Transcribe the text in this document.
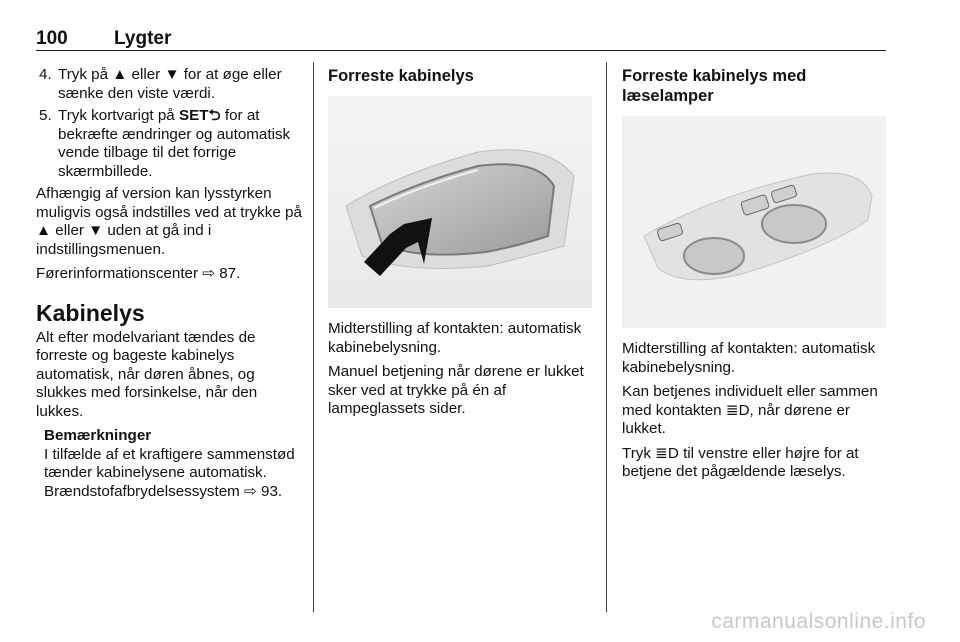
100 Lygter
4. Tryk på ▲ eller ▼ for at øge eller sænke den viste værdi.
5. Tryk kortvarigt på SET⮌ for at bekræfte ændringer og automatisk vende tilbage til det forrige skærmbillede.

Afhængig af version kan lysstyrken muligvis også indstilles ved at trykke på ▲ eller ▼ uden at gå ind i indstillingsmenuen.

Førerinformationscenter ⇨ 87.

Kabinelys

Alt efter modelvariant tændes de forreste og bageste kabinelys automatisk, når døren åbnes, og slukkes med forsinkelse, når den lukkes.

Bemærkninger
I tilfælde af et kraftigere sammenstød tænder kabinelysene automatisk. Brændstofafbrydelsessystem ⇨ 93.
Forreste kabinelys

Midterstilling af kontakten: automatisk kabinebelysning.

Manuel betjening når dørene er lukket sker ved at trykke på én af lampeglassets sider.

Forreste kabinelys med læselamper

Midterstilling af kontakten: automatisk kabinebelysning.

Kan betjenes individuelt eller sammen med kontakten ≣D, når dørene er lukket.

Tryk ≣D til venstre eller højre for at betjene det pågældende læselys.

carmanualsonline.info
